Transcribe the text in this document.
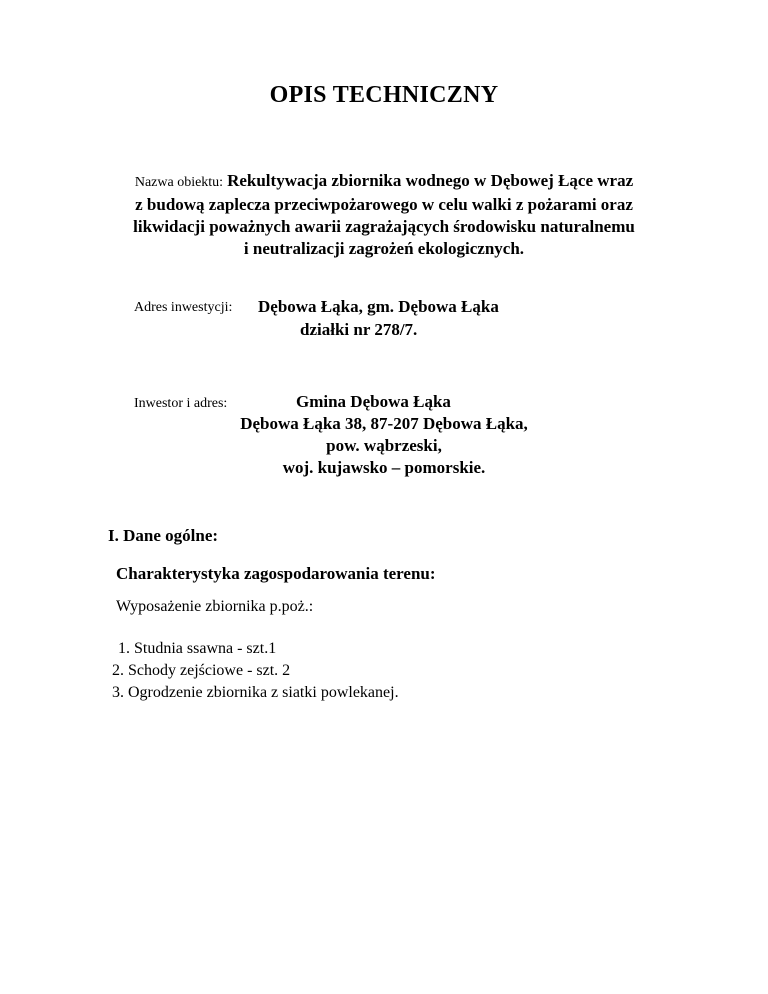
OPIS TECHNICZNY
Nazwa obiektu: Rekultywacja zbiornika wodnego w Dębowej Łące wraz
z budową zaplecza przeciwpożarowego w celu walki z pożarami oraz
likwidacji poważnych awarii zagrażających środowisku naturalnemu
i neutralizacji zagrożeń ekologicznych.
Adres inwestycji: Dębowa Łąka, gm. Dębowa Łąka
działki nr 278/7.
Inwestor i adres:	Gmina Dębowa Łąka
Dębowa Łąka 38, 87-207 Dębowa Łąka,
pow. wąbrzeski,
woj. kujawsko – pomorskie.
I. Dane ogólne:
Charakterystyka zagospodarowania terenu:
Wyposażenie zbiornika p.poż.:
1. Studnia ssawna - szt.1
2. Schody zejściowe - szt. 2
3. Ogrodzenie zbiornika z siatki powlekanej.
